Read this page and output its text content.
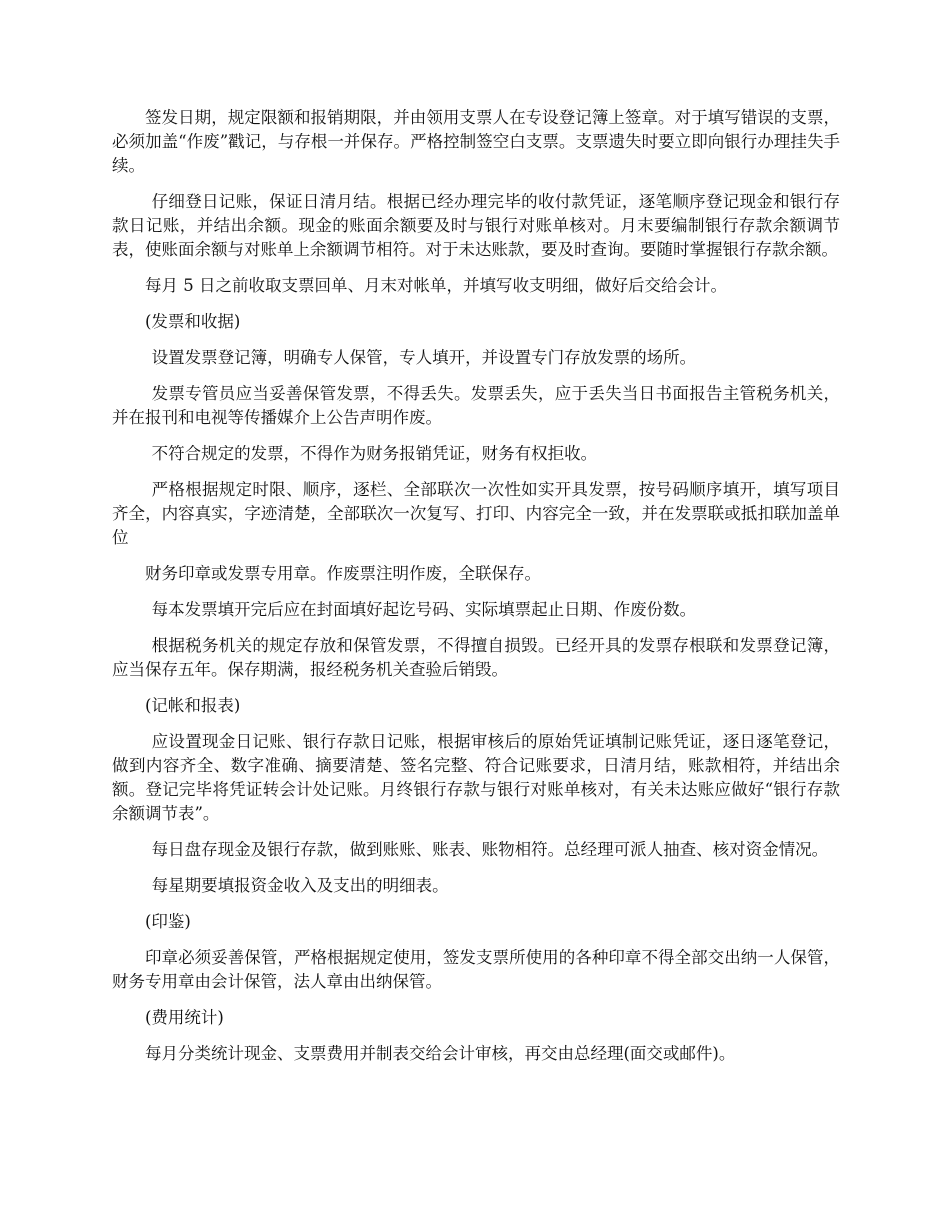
签发日期，规定限额和报销期限，并由领用支票人在专设登记簿上签章。对于填写错误的支票，必须加盖“作废”戳记，与存根一并保存。严格控制签空白支票。支票遗失时要立即向银行办理挂失手续。

仔细登日记账，保证日清月结。根据已经办理完毕的收付款凭证，逐笔顺序登记现金和银行存款日记账，并结出余额。现金的账面余额要及时与银行对账单核对。月末要编制银行存款余额调节表，使账面余额与对账单上余额调节相符。对于未达账款，要及时查询。要随时掌握银行存款余额。

每月 5 日之前收取支票回单、月末对帐单，并填写收支明细，做好后交给会计。

(发票和收据)

设置发票登记簿，明确专人保管，专人填开，并设置专门存放发票的场所。

发票专管员应当妥善保管发票，不得丢失。发票丢失，应于丢失当日书面报告主管税务机关，并在报刊和电视等传播媒介上公告声明作废。

不符合规定的发票，不得作为财务报销凭证，财务有权拒收。

严格根据规定时限、顺序，逐栏、全部联次一次性如实开具发票，按号码顺序填开，填写项目齐全，内容真实，字迹清楚，全部联次一次复写、打印、内容完全一致，并在发票联或抵扣联加盖单位

财务印章或发票专用章。作废票注明作废，全联保存。

每本发票填开完后应在封面填好起讫号码、实际填票起止日期、作废份数。

根据税务机关的规定存放和保管发票，不得擅自损毁。已经开具的发票存根联和发票登记簿，应当保存五年。保存期满，报经税务机关查验后销毁。

(记帐和报表)

应设置现金日记账、银行存款日记账，根据审核后的原始凭证填制记账凭证，逐日逐笔登记，做到内容齐全、数字准确、摘要清楚、签名完整、符合记账要求，日清月结，账款相符，并结出余额。登记完毕将凭证转会计处记账。月终银行存款与银行对账单核对，有关未达账应做好“银行存款余额调节表”。

每日盘存现金及银行存款，做到账账、账表、账物相符。总经理可派人抽查、核对资金情况。

每星期要填报资金收入及支出的明细表。

(印鉴)

印章必须妥善保管，严格根据规定使用，签发支票所使用的各种印章不得全部交出纳一人保管，财务专用章由会计保管，法人章由出纳保管。

(费用统计)

每月分类统计现金、支票费用并制表交给会计审核，再交由总经理(面交或邮件)。
